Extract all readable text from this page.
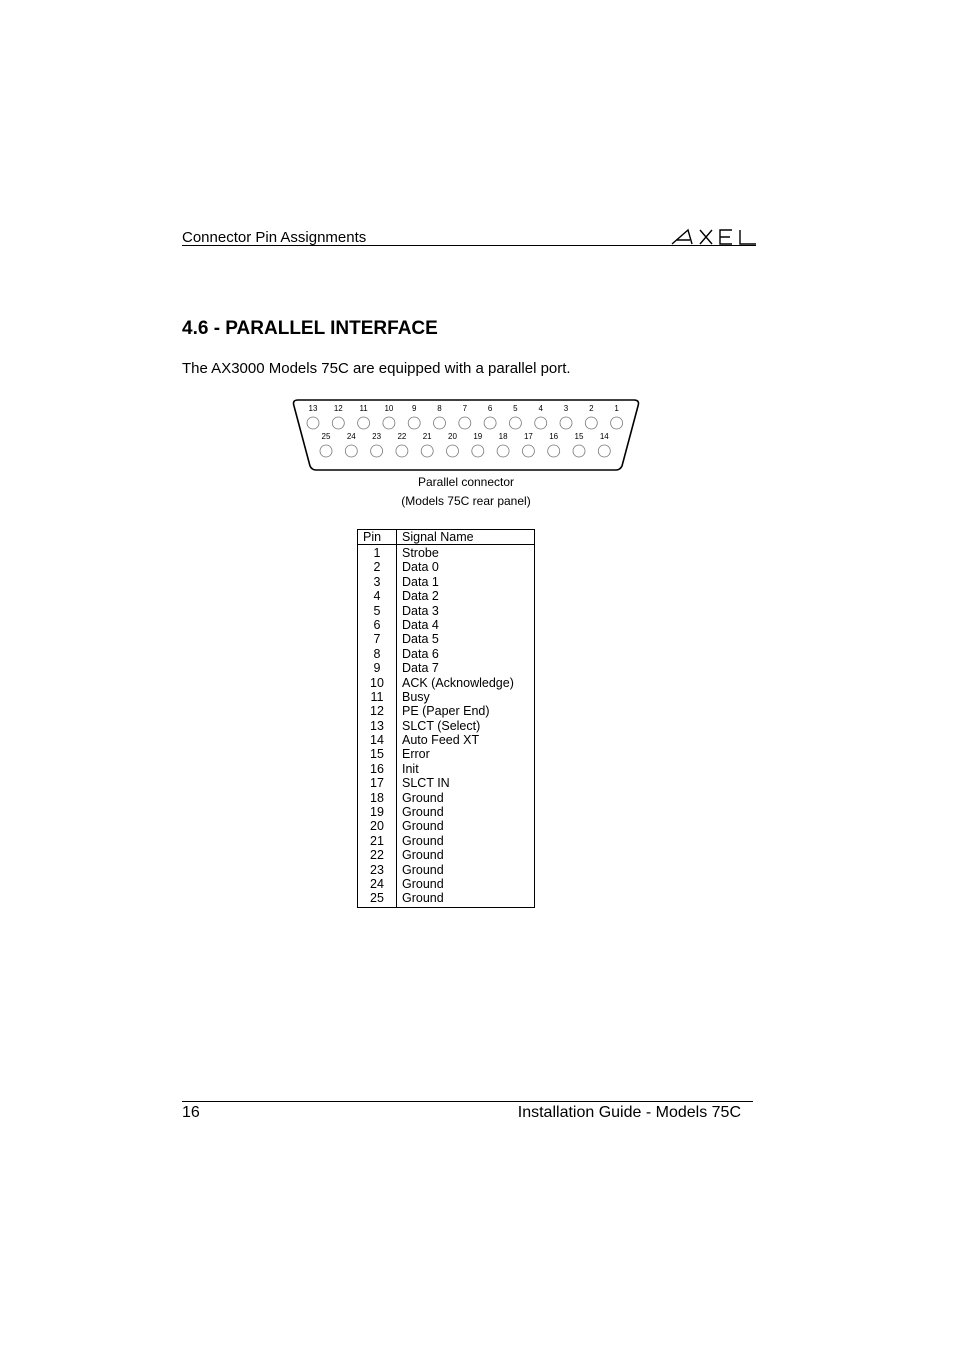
Connector Pin Assignments
4.6 - PARALLEL INTERFACE
The AX3000 Models 75C are equipped with a parallel port.
13 12 11 10 9	8	7	6	5	4	3	2	1
25 24 23 22 21 20 19 18 17 16 15 14
Parallel connector
(Models 75C rear panel)
Pin Signal Name
1	Strobe
2	Data 0
3	Data 1
4	Data 2
5	Data 3
6	Data 4
7	Data 5
8	Data 6
9	Data 7
10	ACK (Acknowledge)
11	Busy
12	PE (Paper End)
13	SLCT (Select)
14	Auto Feed XT
15	Error
16	Init
17	SLCT IN
18	Ground
19	Ground
20	Ground
21	Ground
22	Ground
23	Ground
24	Ground
25	Ground
16	Installation Guide - Models 75C
